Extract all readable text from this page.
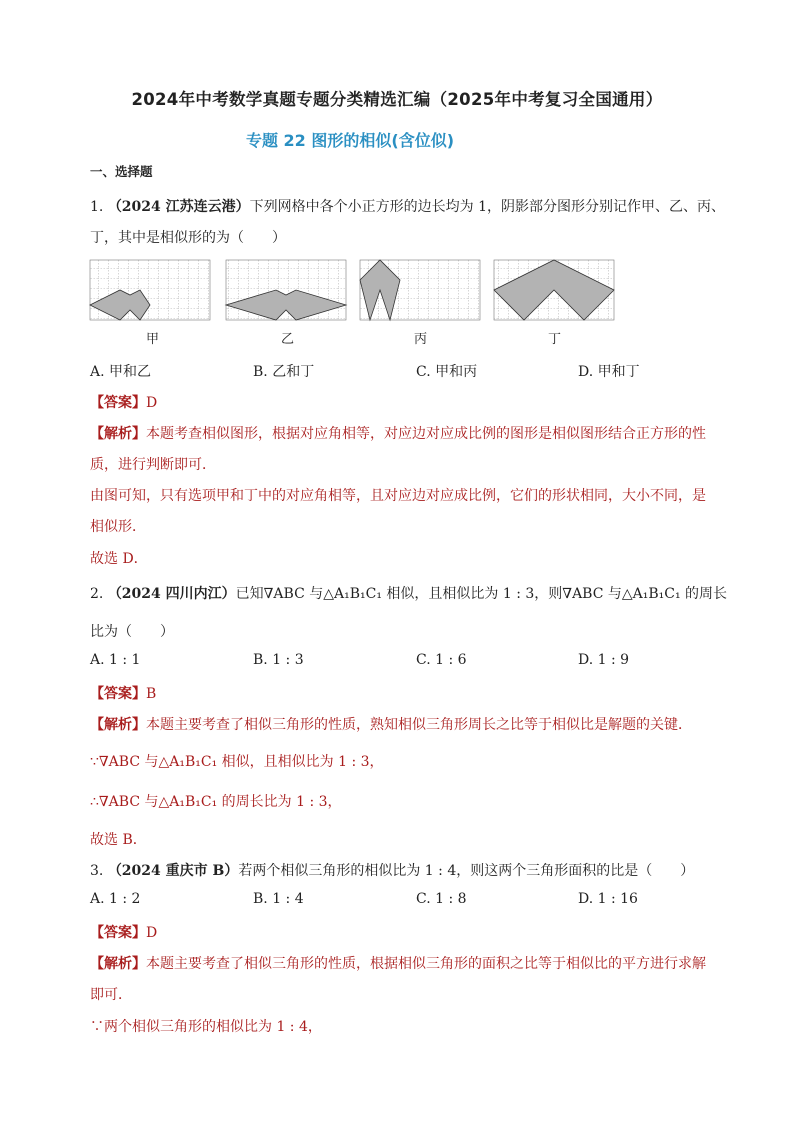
2024年中考数学真题专题分类精选汇编（2025年中考复习全国通用）
专题 22 图形的相似(含位似)
一、选择题
1. （2024 江苏连云港）下列网格中各个小正方形的边长均为 1，阴影部分图形分别记作甲、乙、丙、
丁，其中是相似形的为（　　）
甲	乙	丙	丁
A. 甲和乙	B. 乙和丁	C. 甲和丙	D. 甲和丁
【答案】D
【解析】本题考查相似图形，根据对应角相等，对应边对应成比例的图形是相似图形结合正方形的性
质，进行判断即可．
由图可知，只有选项甲和丁中的对应角相等，且对应边对应成比例，它们的形状相同，大小不同，是
相似形．
故选 D．
2. （2024 四川内江）已知∇ABC 与△A₁B₁C₁ 相似，且相似比为 1 : 3，则∇ABC 与△A₁B₁C₁ 的周长
比为（　　）
A. 1 : 1	B. 1 : 3	C. 1 : 6	D. 1 : 9
【答案】B
【解析】本题主要考查了相似三角形的性质，熟知相似三角形周长之比等于相似比是解题的关键．
∵∇ABC 与△A₁B₁C₁ 相似，且相似比为 1 : 3，
∴∇ABC 与△A₁B₁C₁ 的周长比为 1 : 3，
故选 B．
3. （2024 重庆市 B）若两个相似三角形的相似比为 1 : 4，则这两个三角形面积的比是（　　）
A. 1 : 2	B. 1 : 4	C. 1 : 8	D. 1 : 16
【答案】D
【解析】本题主要考查了相似三角形的性质，根据相似三角形的面积之比等于相似比的平方进行求解
即可．
∵两个相似三角形的相似比为 1 : 4，
